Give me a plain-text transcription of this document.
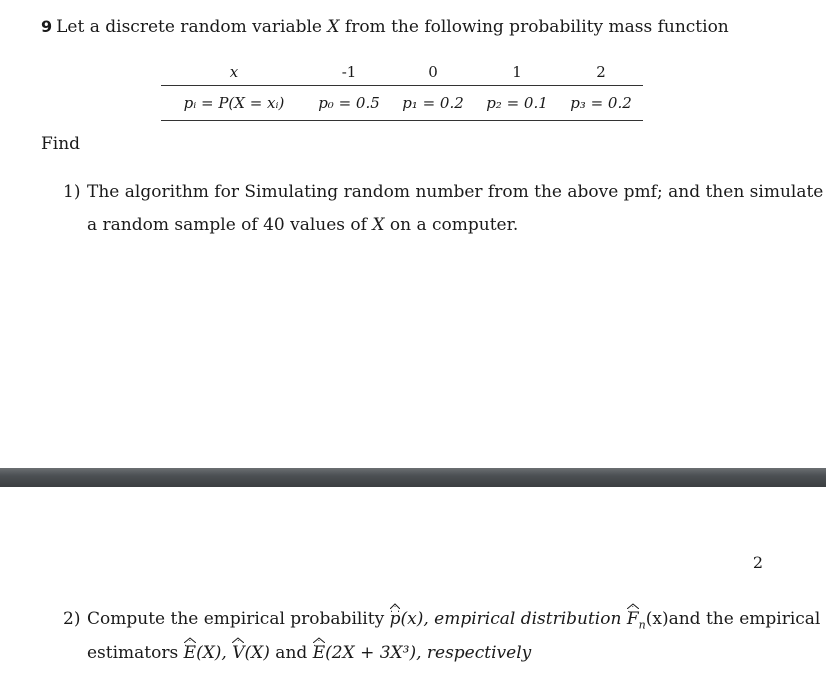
9 Let a discrete random variable X from the following probability mass function
x	-1	0	1	2
pᵢ = P(X = xᵢ)	p₀ = 0.5	p₁ = 0.2	p₂ = 0.1	p₃ = 0.2
Find
1) The algorithm for Simulating random number from the above pmf; and then simulate
a random sample of 40 values of X on a computer.
2
2) Compute the empirical probability
p(x), empirical distribution
$F_n(x)and$ the empirical
estimators
E(X),
V(X) and
E(2X + 3X³), respectively
